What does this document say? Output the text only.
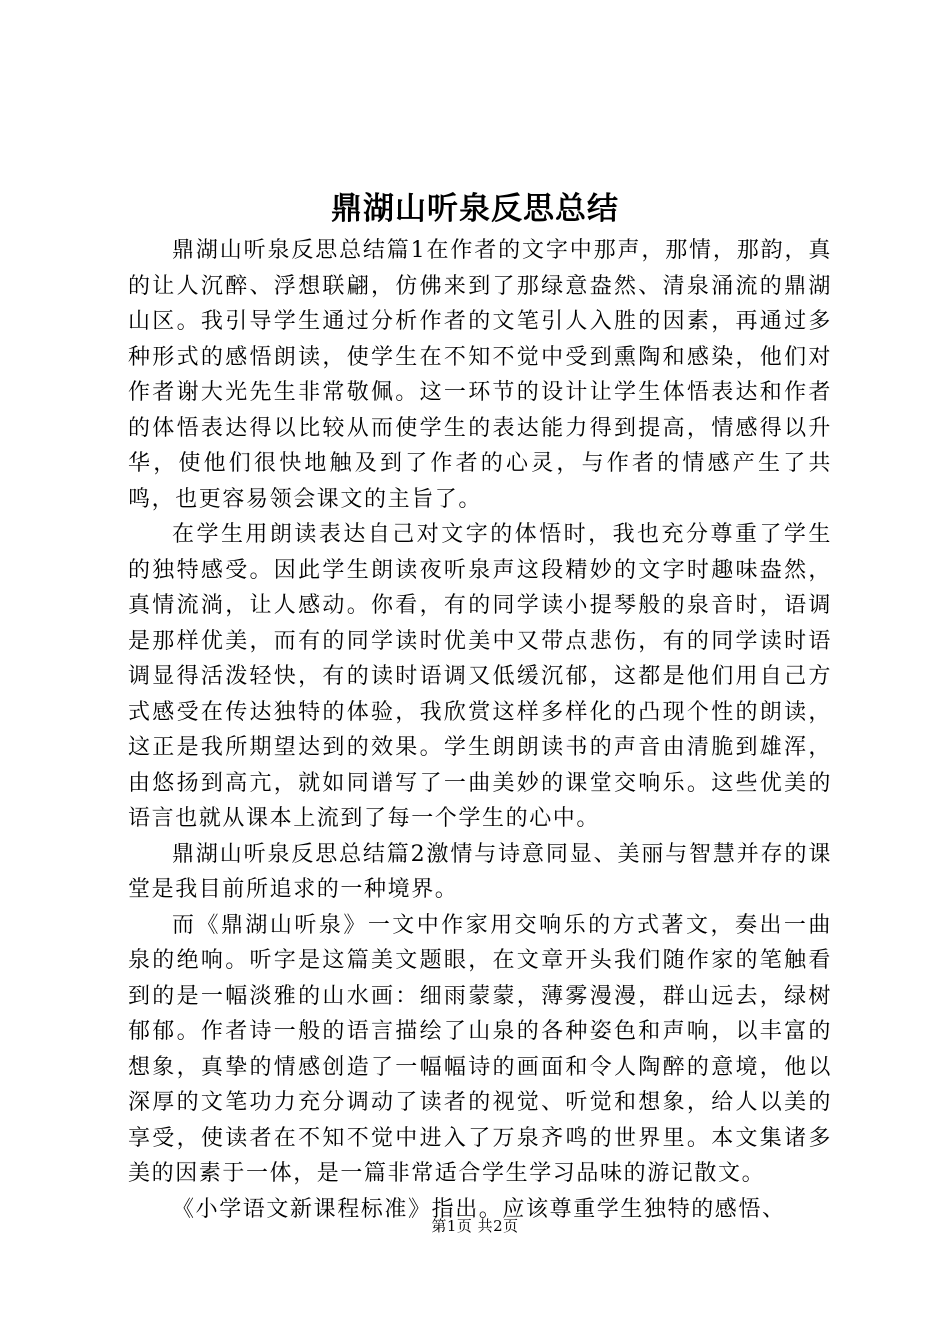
鼎湖山听泉反思总结

鼎湖山听泉反思总结篇1在作者的文字中那声，那情，那韵，真的让人沉醉、浮想联翩，仿佛来到了那绿意盎然、清泉涌流的鼎湖山区。我引导学生通过分析作者的文笔引人入胜的因素，再通过多种形式的感悟朗读，使学生在不知不觉中受到熏陶和感染，他们对作者谢大光先生非常敬佩。这一环节的设计让学生体悟表达和作者的体悟表达得以比较从而使学生的表达能力得到提高，情感得以升华，使他们很快地触及到了作者的心灵，与作者的情感产生了共鸣，也更容易领会课文的主旨了。

在学生用朗读表达自己对文字的体悟时，我也充分尊重了学生的独特感受。因此学生朗读夜听泉声这段精妙的文字时趣味盎然，真情流淌，让人感动。你看，有的同学读小提琴般的泉音时，语调是那样优美，而有的同学读时优美中又带点悲伤，有的同学读时语调显得活泼轻快，有的读时语调又低缓沉郁，这都是他们用自己方式感受在传达独特的体验，我欣赏这样多样化的凸现个性的朗读，这正是我所期望达到的效果。学生朗朗读书的声音由清脆到雄浑，由悠扬到高亢，就如同谱写了一曲美妙的课堂交响乐。这些优美的语言也就从课本上流到了每一个学生的心中。

鼎湖山听泉反思总结篇2激情与诗意同显、美丽与智慧并存的课堂是我目前所追求的一种境界。

而《鼎湖山听泉》一文中作家用交响乐的方式著文，奏出一曲泉的绝响。听字是这篇美文题眼，在文章开头我们随作家的笔触看到的是一幅淡雅的山水画：细雨蒙蒙，薄雾漫漫，群山远去，绿树郁郁。作者诗一般的语言描绘了山泉的各种姿色和声响，以丰富的想象，真挚的情感创造了一幅幅诗的画面和令人陶醉的意境，他以深厚的文笔功力充分调动了读者的视觉、听觉和想象，给人以美的享受，使读者在不知不觉中进入了万泉齐鸣的世界里。本文集诸多美的因素于一体，是一篇非常适合学生学习品味的游记散文。

《小学语文新课程标准》指出。应该尊重学生独特的感悟、

第1页 共2页
